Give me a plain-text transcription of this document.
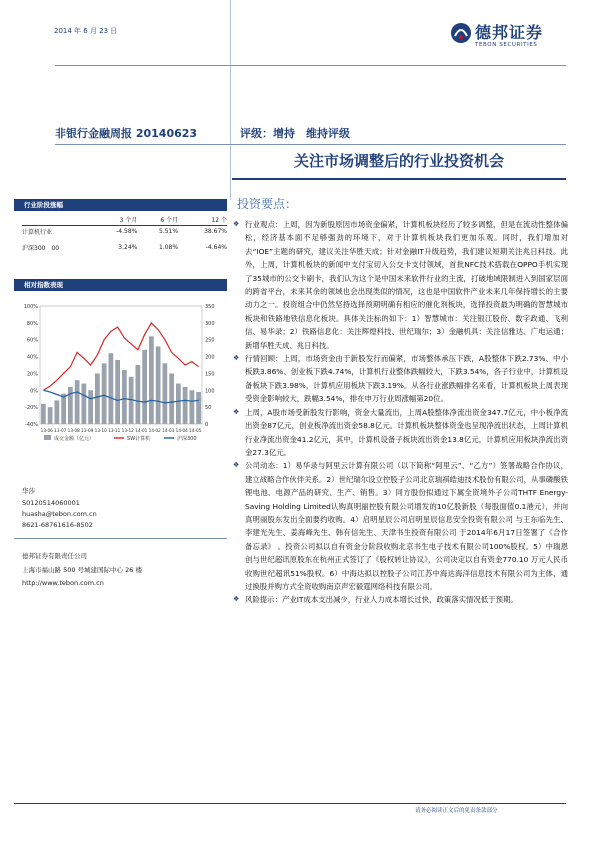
2014 年 6 月 23 日	德邦证券
TEBON SECURITIES
非银行金融周报 20140623	评级：增持　维持评级
关注市场调整后的行业投资机会
行业阶段涨幅
	3 个月	6 个月	12 个
计算机行业	-4.58%	5.51%	38.67%
沪深300　00	3.24%	1.08%	-4.64%
相对指数表现
100%
80%
60%
40%
20%
0%
-20%
-40%
350
300
250
200
150
100
50
0
13-06 13-07 13-08 13-09 13-10 13-11 13-12 14-01 14-02 14-03 14-04 14-05
成交金额（亿元）	SW计算机	沪深300
华莎
S0120514060001
huasha@tebon.com.cn
8621-68761616-8502
德邦证券有限责任公司
上海市福山路 500 号城建国际中心 26 楼
http://www.tebon.com.cn
投资要点：
❖ 行业观点：上周，因为新股原因市场资金偏紧，计算机板块经历了较多调整，但是在流动性整体偏松，经济基本面不足够强劲的环境下，对于计算机板块我们更加乐观。同时，我们增加对去“IOE”主题的研究，建议关注华胜天成；针对金融IT升级趋势，我们建议短期关注兆日科技。此外，上周，计算机板块的新闻中支付宝切入公交卡支付领域，首批NFC技术搭载在OPPO手机实现了35城市的公交卡刷卡，我们认为这个是中国未来软件行业的主流，打破地域限制进入到国家层面的跨省平台，未来其余的领域也会出现类似的情况，这也是中国软件产业未来几年保持增长的主要动力之一。投资组合中仍然坚持选择预期明确有相应的催化剂板块，选择投资最为明确的智慧城市板块和铁路地铁信息化板块。具体关注标的如下：1）智慧城市：关注银江股份、数字政通、飞利信、易华录；2）铁路信息化：关注辉煌科技、世纪瑞尔；3）金融机具：关注信雅达、广电运通；新增华胜天成、兆日科技。
❖ 行情回顾：上周，市场资金由于新股发行而偏紧，市场整体承压下跌，A股整体下跌2.73%、中小板跌3.86%、创业板下跌4.74%，计算机行业整体跌幅较大，下跌3.54%，各子行业中，计算机设备板块下跌3.98%，计算机应用板块下跌3.19%。从各行业涨跌幅排名来看，计算机板块上周表现受资金影响较大，跌幅3.54%，排在申万行业周涨幅第20位。
❖ 上周，A股市场受新股发行影响，资金大量流出，上周A股整体净流出资金347.7亿元，中小板净流出资金87亿元，创业板净流出资金58.8亿元。计算机板块整体资金也呈现净流出状态，上周计算机行业净流出资金41.2亿元，其中，计算机设备子板块流出资金13.8亿元，计算机应用板块净流出资金27.3亿元。
❖ 公司动态：1）易华录与阿里云计算有限公司（以下简称“阿里云”、“乙方”）签署战略合作协议，建立战略合作伙伴关系。2）世纪瑞尔设立控股子公司北京瑞祺皓迪技术股份有限公司，从事磷酸铁锂电池、电源产品的研究、生产、销售。3）同方股份拟通过下属全资境外子公司THTF Energy-Saving Holding Limited认购真明丽控股有限公司增发的10亿股新股（每股面值0.1港元），并向真明丽股东发出全面要约收购。4）启明星辰公司启明星辰信息安全投资有限公司 与王东临先生、李建光先生、姜海峰先生、韩有信先生、天津书生投资有限公司 于2014年6月17日签署了《合作备忘录》 。投资公司拟以自有资金分阶段收购北京书生电子技术有限公司100%股权。5）中瑞恩创与世纪超讯原股东在杭州正式签订了《股权转让协议》，公司决定以自有资金770.10 万元人民币收购世纪超讯51%股权。6）中海达拟以控股子公司江苏中海达海洋信息技术有限公司为主体，通过换股并购方式全资收购南京声宏毅霆网络科技有限公司。
❖ 风险提示：产业IT成本支出减少，行业人力成本增长过快，政策落实情况低于预期。
请务必阅读正文后的免责条款部分
